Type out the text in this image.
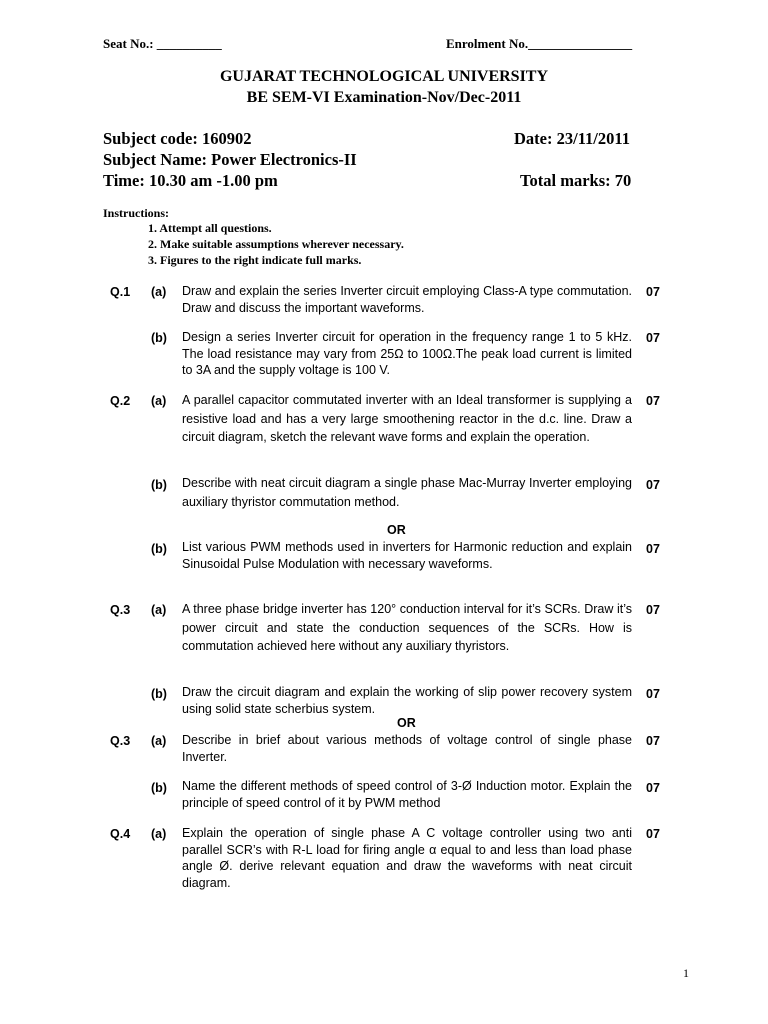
Seat No.: __________	Enrolment No.________________
GUJARAT TECHNOLOGICAL UNIVERSITY
BE SEM-VI Examination-Nov/Dec-2011
Subject code: 160902	Date: 23/11/2011
Subject Name: Power Electronics-II
Time: 10.30 am -1.00 pm	Total marks: 70
Instructions:
1. Attempt all questions.
2. Make suitable assumptions wherever necessary.
3. Figures to the right indicate full marks.
Q.1 (a) Draw and explain the series Inverter circuit employing Class-A type commutation. Draw and discuss the important waveforms.
07
(b) Design a series Inverter circuit for operation in the frequency range 1 to 5 kHz. The load resistance may vary from 25Ω to 100Ω.The peak load current is limited to 3A and the supply voltage is 100 V.
07
Q.2 (a) A parallel capacitor commutated inverter with an Ideal transformer is supplying a resistive load and has a very large smoothening reactor in the d.c. line. Draw a circuit diagram, sketch the relevant wave forms and explain the operation.
07
(b) Describe with neat circuit diagram a single phase Mac-Murray Inverter employing auxiliary thyristor commutation method.
07
OR
(b) List various PWM methods used in inverters for Harmonic reduction and explain Sinusoidal Pulse Modulation with necessary waveforms.
07
Q.3 (a) A three phase bridge inverter has 120° conduction interval for it’s SCRs. Draw it’s power circuit and state the conduction sequences of the SCRs. How is commutation achieved here without any auxiliary thyristors.
07
(b) Draw the circuit diagram and explain the working of slip power recovery system using solid state scherbius system.
07
OR
Q.3 (a) Describe in brief about various methods of voltage control of single phase Inverter.
07
(b) Name the different methods of speed control of 3-Ø Induction motor. Explain the principle of speed control of it by PWM method
07
Q.4 (a) Explain the operation of single phase A C voltage controller using two anti parallel SCR’s with R-L load for firing angle α equal to and less than load phase angle Ø. derive relevant equation and draw the waveforms with neat circuit diagram.
07
1
